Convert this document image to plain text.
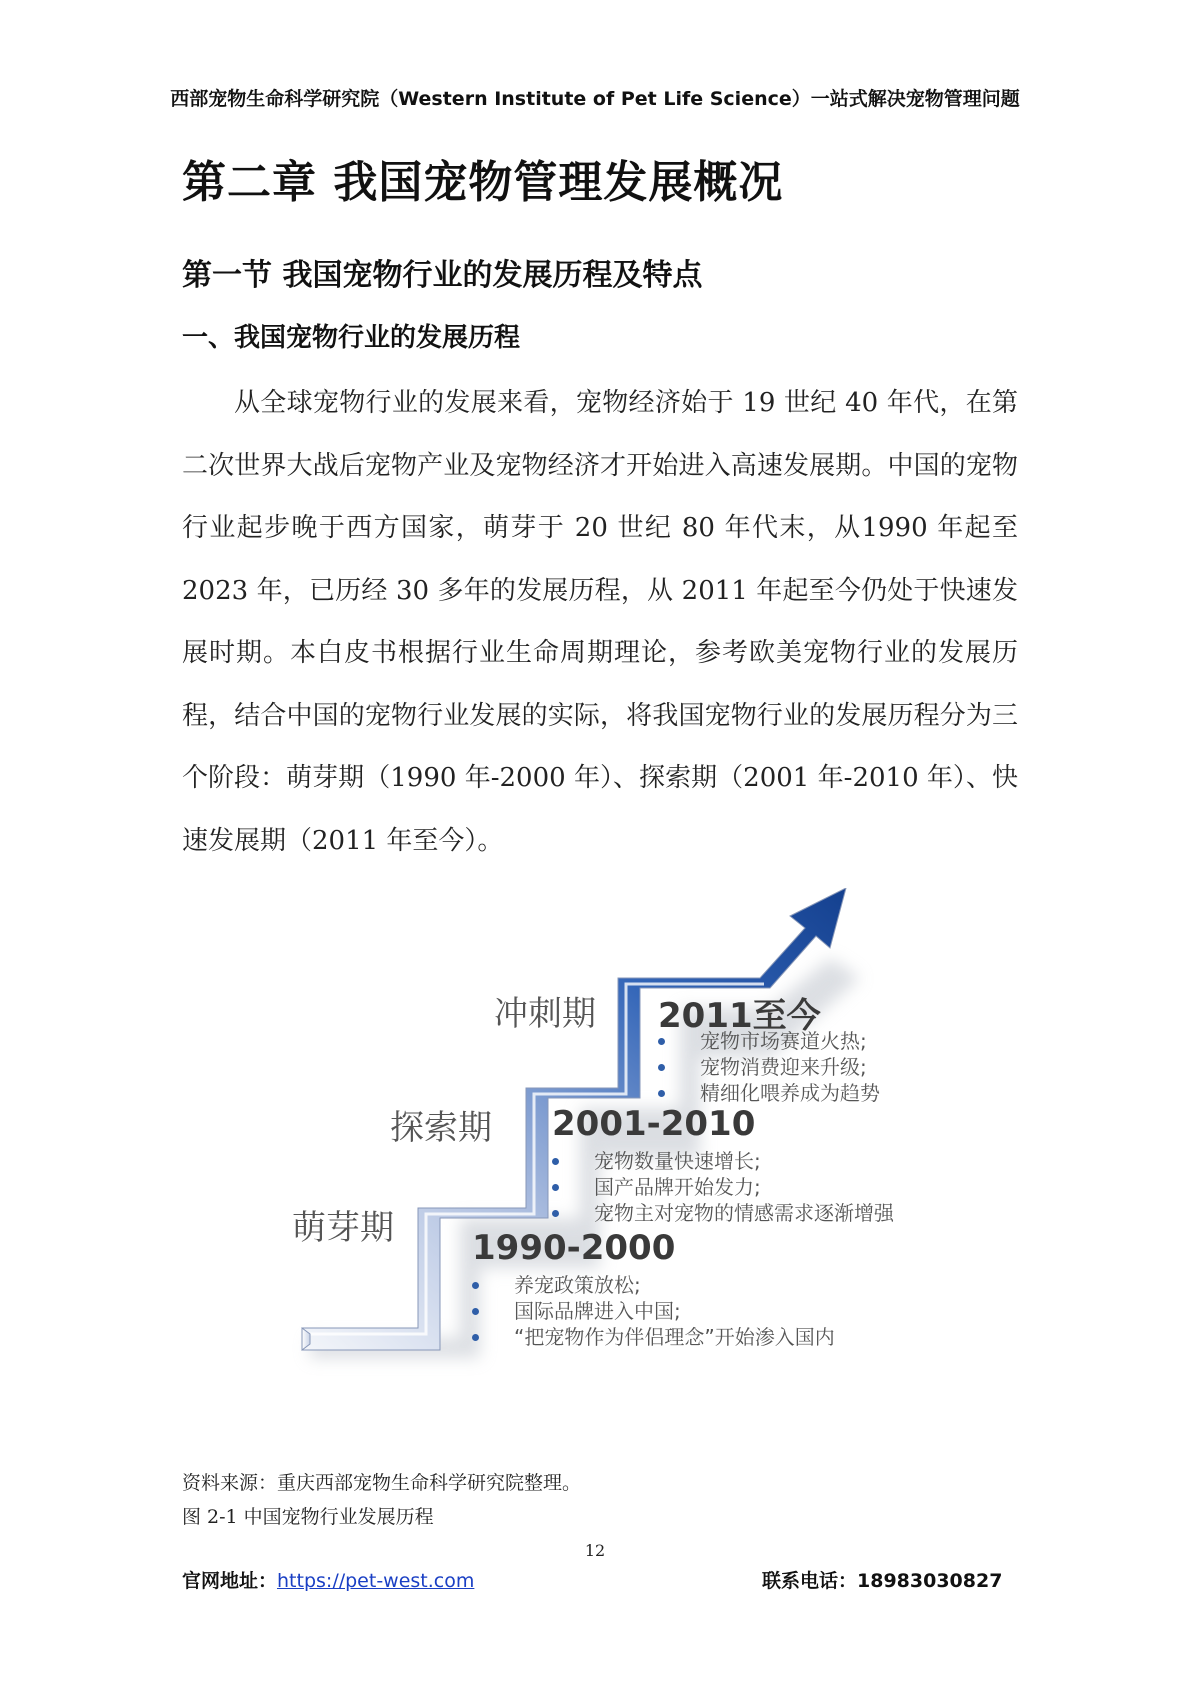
西部宠物生命科学研究院（Western Institute of Pet Life Science）一站式解决宠物管理问题
第二章 我国宠物管理发展概况
第一节 我国宠物行业的发展历程及特点
一、我国宠物行业的发展历程

从全球宠物行业的发展来看，宠物经济始于 19 世纪 40 年代，在第二次世界大战后宠物产业及宠物经济才开始进入高速发展期。中国的宠物行业起步晚于西方国家，萌芽于 20 世纪 80 年代末，从1990 年起至 2023 年，已历经 30 多年的发展历程，从 2011 年起至今仍处于快速发展时期。本白皮书根据行业生命周期理论，参考欧美宠物行业的发展历程，结合中国的宠物行业发展的实际，将我国宠物行业的发展历程分为三个阶段：萌芽期（1990 年-2000 年）、探索期（2001 年-2010 年）、快速发展期（2011 年至今）。

萌芽期
探索期
冲刺期
1990-2000
养宠政策放松;
国际品牌进入中国;
“把宠物作为伴侣理念”开始渗入国内
2001-2010
宠物数量快速增长;
国产品牌开始发力;
宠物主对宠物的情感需求逐渐增强
2011至今
宠物市场赛道火热;
宠物消费迎来升级;
精细化喂养成为趋势
资料来源：重庆西部宠物生命科学研究院整理。
图 2-1 中国宠物行业发展历程
12
官网地址：https://pet-west.com	联系电话：18983030827
